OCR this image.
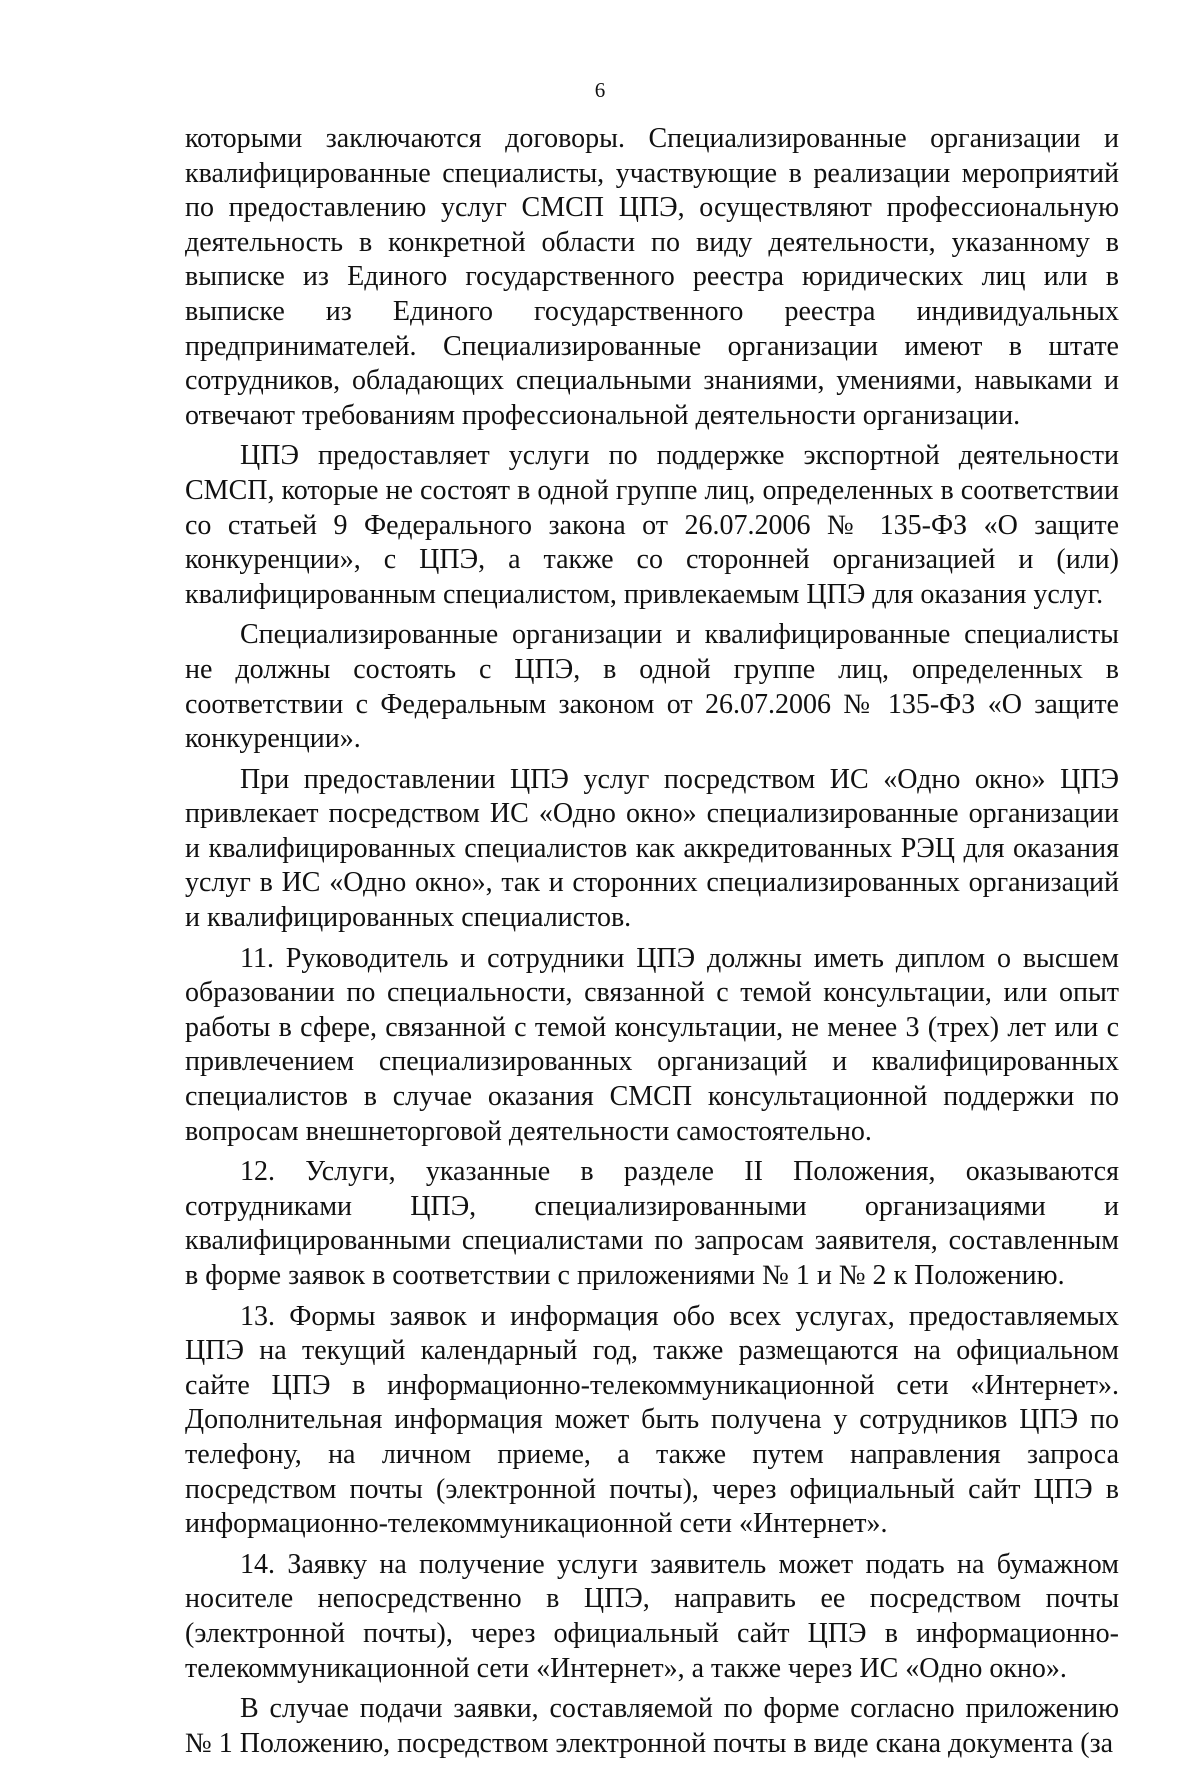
6

которыми заключаются договоры. Специализированные организации и квалифицированные специалисты, участвующие в реализации мероприятий по предоставлению услуг СМСП ЦПЭ, осуществляют профессиональную деятельность в конкретной области по виду деятельности, указанному в выписке из Единого государственного реестра юридических лиц или в выписке из Единого государственного реестра индивидуальных предпринимателей. Специализированные организации имеют в штате сотрудников, обладающих специальными знаниями, умениями, навыками и отвечают требованиям профессиональной деятельности организации.

ЦПЭ предоставляет услуги по поддержке экспортной деятельности СМСП, которые не состоят в одной группе лиц, определенных в соответствии со статьей 9 Федерального закона от 26.07.2006 № 135-ФЗ «О защите конкуренции», с ЦПЭ, а также со сторонней организацией и (или) квалифицированным специалистом, привлекаемым ЦПЭ для оказания услуг.

Специализированные организации и квалифицированные специалисты не должны состоять с ЦПЭ, в одной группе лиц, определенных в соответствии с Федеральным законом от 26.07.2006 № 135-ФЗ «О защите конкуренции».

При предоставлении ЦПЭ услуг посредством ИС «Одно окно» ЦПЭ привлекает посредством ИС «Одно окно» специализированные организации и квалифицированных специалистов как аккредитованных РЭЦ для оказания услуг в ИС «Одно окно», так и сторонних специализированных организаций и квалифицированных специалистов.

11. Руководитель и сотрудники ЦПЭ должны иметь диплом о высшем образовании по специальности, связанной с темой консультации, или опыт работы в сфере, связанной с темой консультации, не менее 3 (трех) лет или с привлечением специализированных организаций и квалифицированных специалистов в случае оказания СМСП консультационной поддержки по вопросам внешнеторговой деятельности самостоятельно.

12. Услуги, указанные в разделе II Положения, оказываются сотрудниками ЦПЭ, специализированными организациями и квалифицированными специалистами по запросам заявителя, составленным в форме заявок в соответствии с приложениями № 1 и № 2 к Положению.

13. Формы заявок и информация обо всех услугах, предоставляемых ЦПЭ на текущий календарный год, также размещаются на официальном сайте ЦПЭ в информационно-телекоммуникационной сети «Интернет». Дополнительная информация может быть получена у сотрудников ЦПЭ по телефону, на личном приеме, а также путем направления запроса посредством почты (электронной почты), через официальный сайт ЦПЭ в информационно-телекоммуникационной сети «Интернет».

14. Заявку на получение услуги заявитель может подать на бумажном носителе непосредственно в ЦПЭ, направить ее посредством почты (электронной почты), через официальный сайт ЦПЭ в информационно-телекоммуникационной сети «Интернет», а также через ИС «Одно окно».

В случае подачи заявки, составляемой по форме согласно приложению № 1 Положению, посредством электронной почты в виде скана документа (за
